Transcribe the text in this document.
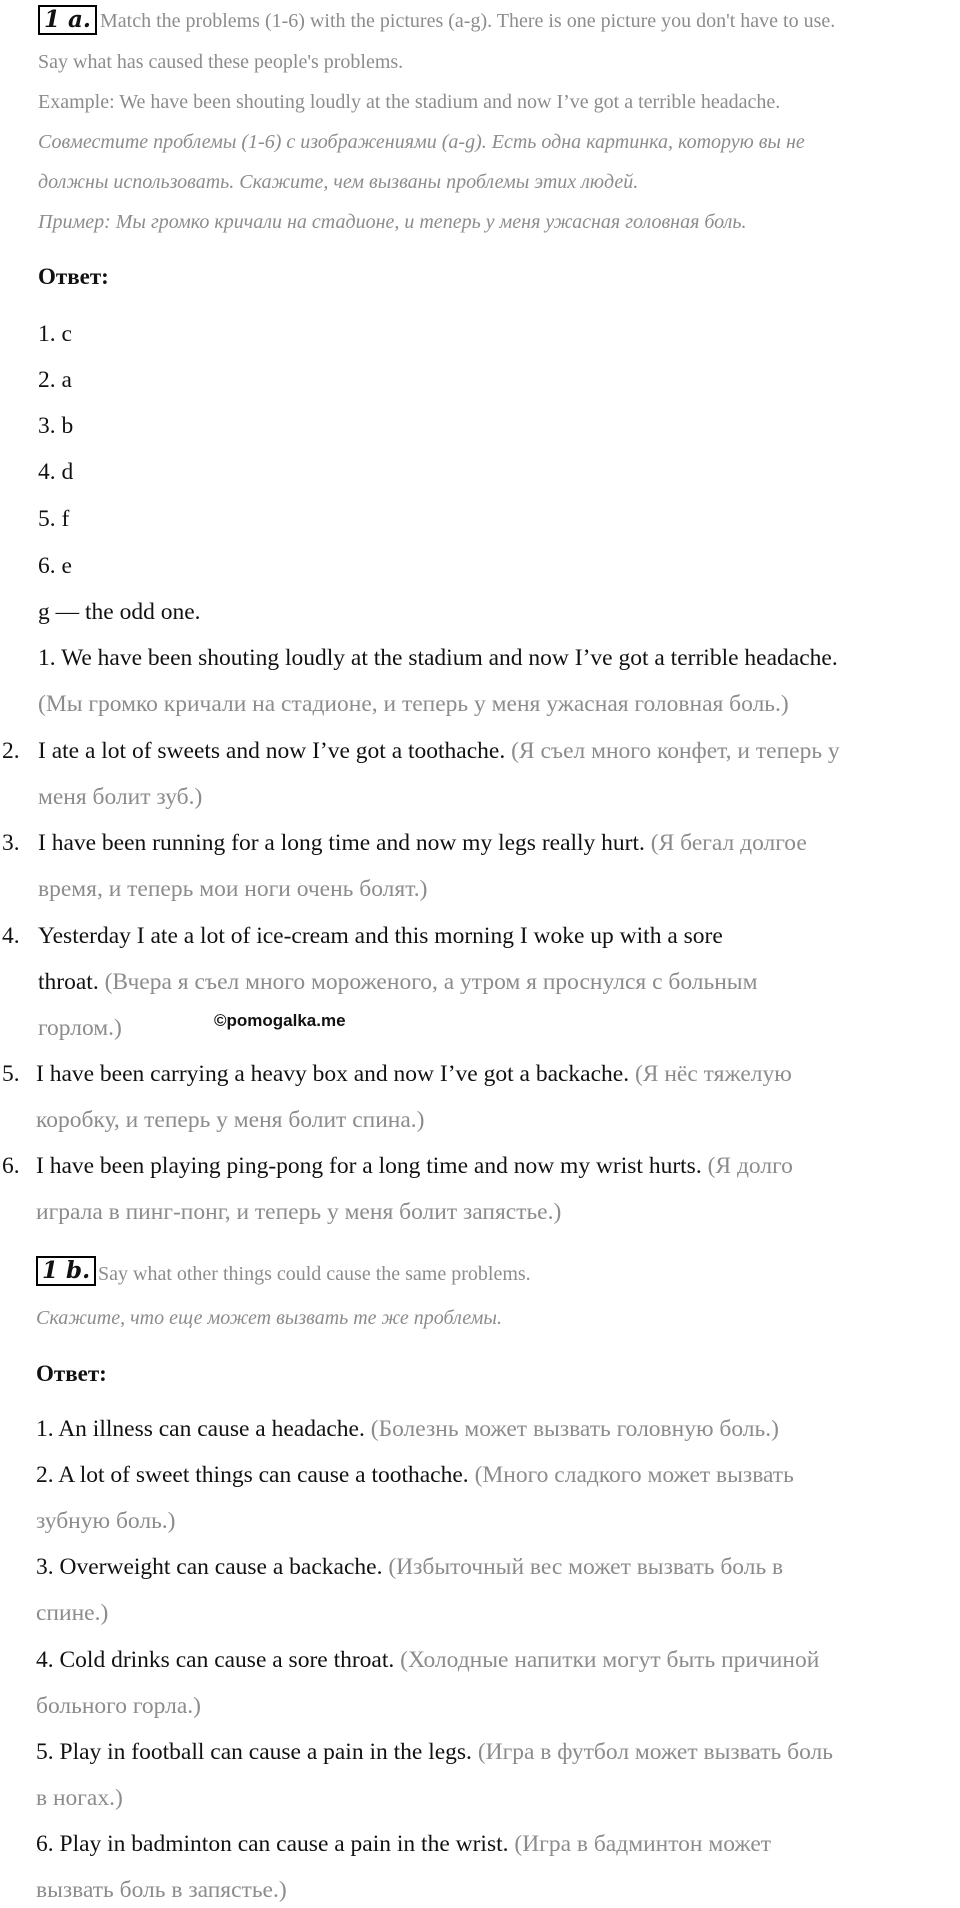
1 a. Match the problems (1-6) with the pictures (a-g). There is one picture you don't have to use.
Say what has caused these people's problems.
Example: We have been shouting loudly at the stadium and now I’ve got a terrible headache.
Совместите проблемы (1-6) с изображениями (a-g). Есть одна картинка, которую вы не
должны использовать. Скажите, чем вызваны проблемы этих людей.
Пример: Мы громко кричали на стадионе, и теперь у меня ужасная головная боль.
Ответ:
1. c
2. a
3. b
4. d
5. f
6. e
g — the odd one.
1. We have been shouting loudly at the stadium and now I’ve got a terrible headache.
(Мы громко кричали на стадионе, и теперь у меня ужасная головная боль.)
2. I ate a lot of sweets and now I’ve got a toothache. (Я съел много конфет, и теперь у
меня болит зуб.)
3. I have been running for a long time and now my legs really hurt. (Я бегал долгое
время, и теперь мои ноги очень болят.)
4. Yesterday I ate a lot of ice-cream and this morning I woke up with a sore
throat. (Вчера я съел много мороженого, а утром я проснулся с больным
горлом.)	©pomogalka.me
5. I have been carrying a heavy box and now I’ve got a backache. (Я нёс тяжелую
коробку, и теперь у меня болит спина.)
6. I have been playing ping-pong for a long time and now my wrist hurts. (Я долго
играла в пинг-понг, и теперь у меня болит запястье.)
1 b. Say what other things could cause the same problems.
Скажите, что еще может вызвать те же проблемы.
Ответ:
1. An illness can cause a headache. (Болезнь может вызвать головную боль.)
2. A lot of sweet things can cause a toothache. (Много сладкого может вызвать
зубную боль.)
3. Overweight can cause a backache. (Избыточный вес может вызвать боль в
спине.)
4. Cold drinks can cause a sore throat. (Холодные напитки могут быть причиной
больного горла.)
5. Play in football can cause a pain in the legs. (Игра в футбол может вызвать боль
в ногах.)
6. Play in badminton can cause a pain in the wrist. (Игра в бадминтон может
вызвать боль в запястье.)
